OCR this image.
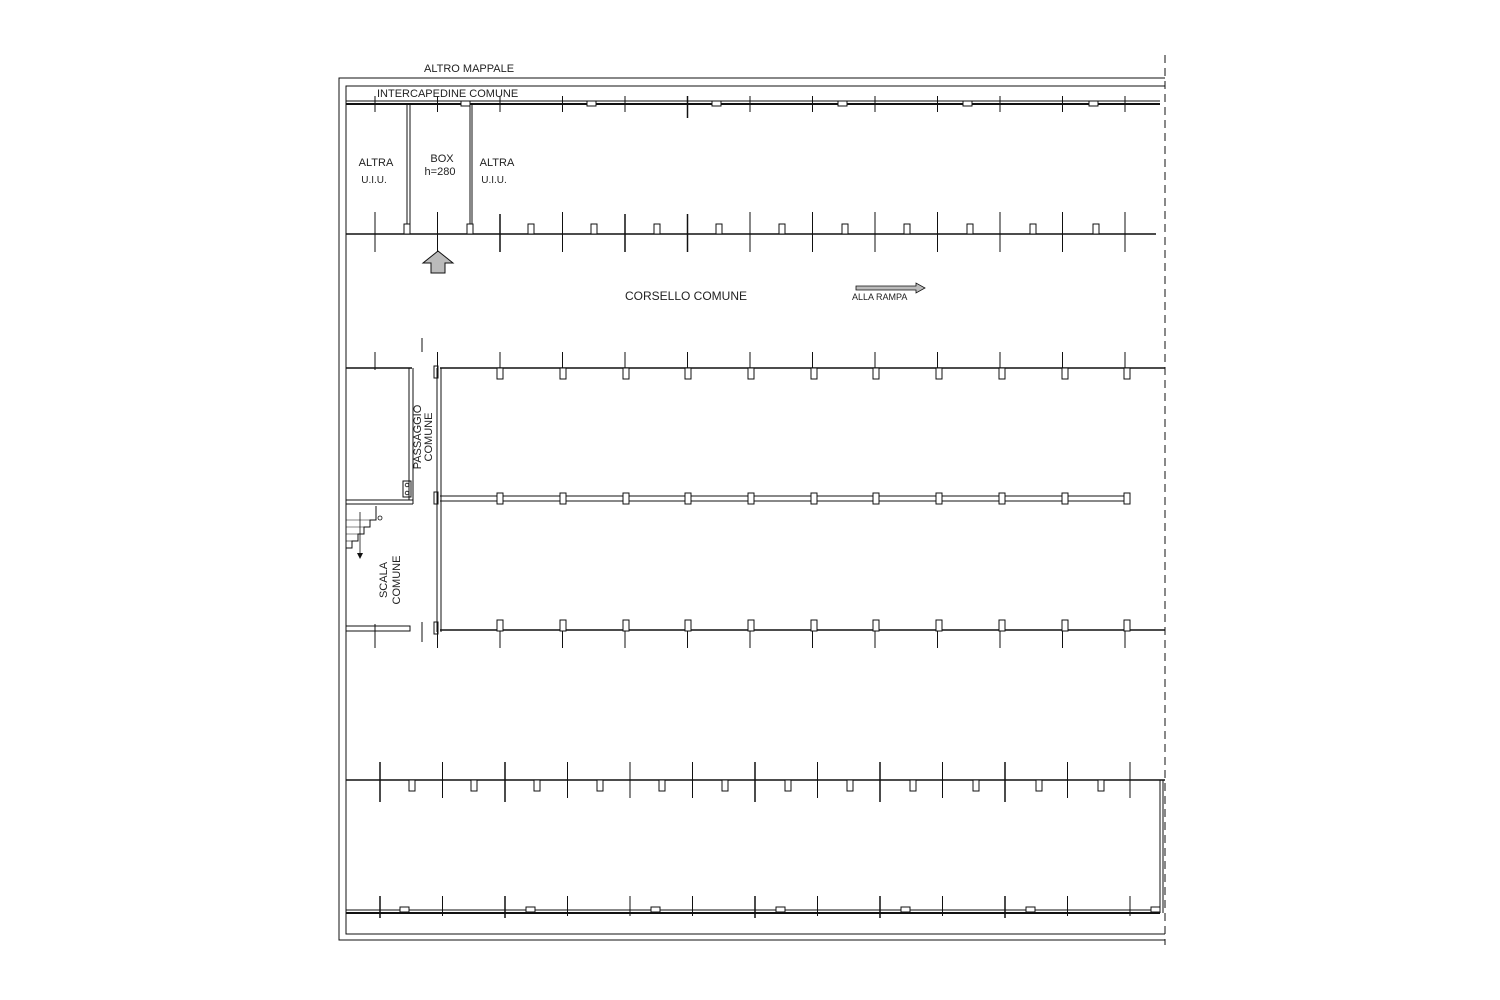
ALTRO MAPPALE
INTERCAPEDINE COMUNE
ALTRA
U.I.U.
BOX
h=280
ALTRA
U.I.U.
CORSELLO COMUNE	ALLA RAMPA
PASSAGGIO COMUNE
SCALA COMUNE
